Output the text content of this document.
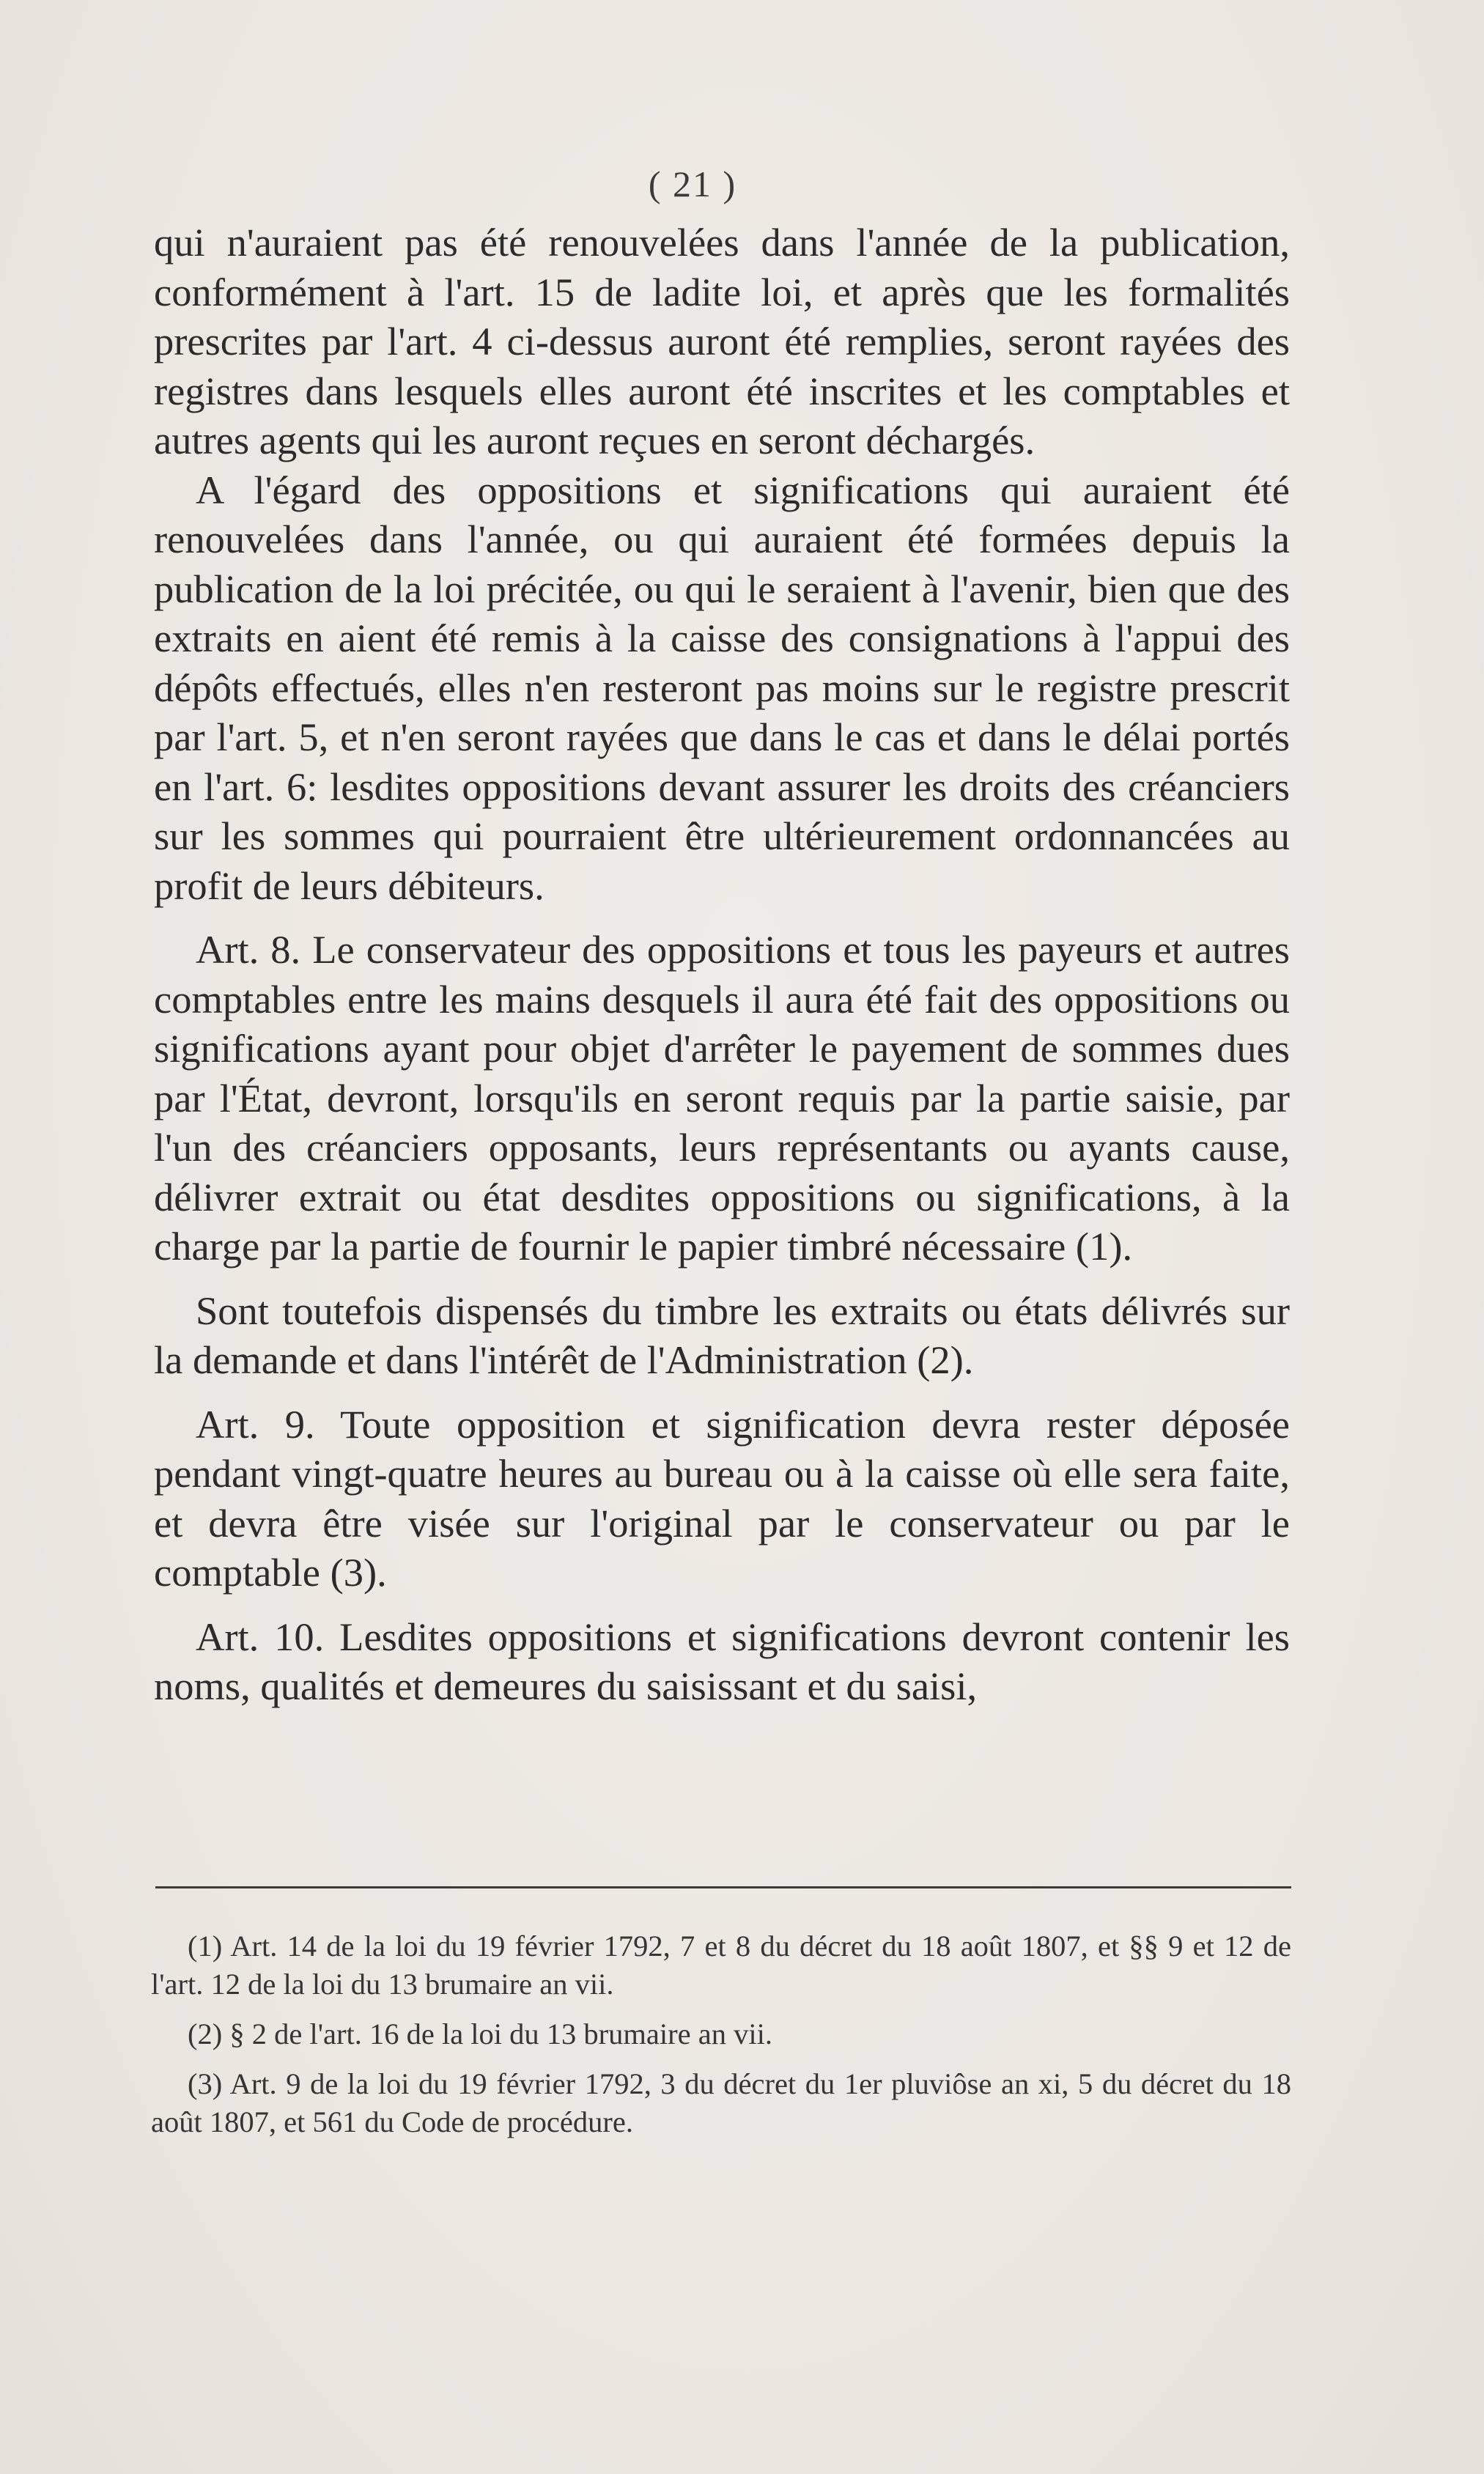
( 21 )

qui n'auraient pas été renouvelées dans l'année de la publication, conformément à l'art. 15 de ladite loi, et après que les formalités prescrites par l'art. 4 ci-dessus auront été remplies, seront rayées des registres dans lesquels elles auront été inscrites et les comptables et autres agents qui les auront reçues en seront déchargés.

A l'égard des oppositions et significations qui auraient été renouvelées dans l'année, ou qui auraient été formées depuis la publication de la loi précitée, ou qui le seraient à l'avenir, bien que des extraits en aient été remis à la caisse des consignations à l'appui des dépôts effectués, elles n'en resteront pas moins sur le registre prescrit par l'art. 5, et n'en seront rayées que dans le cas et dans le délai portés en l'art. 6: lesdites oppositions devant assurer les droits des créanciers sur les sommes qui pourraient être ultérieurement ordonnancées au profit de leurs débiteurs.

Art. 8. Le conservateur des oppositions et tous les payeurs et autres comptables entre les mains desquels il aura été fait des oppositions ou significations ayant pour objet d'arrêter le payement de sommes dues par l'État, devront, lorsqu'ils en seront requis par la partie saisie, par l'un des créanciers opposants, leurs représentants ou ayants cause, délivrer extrait ou état desdites oppositions ou significations, à la charge par la partie de fournir le papier timbré nécessaire (1).

Sont toutefois dispensés du timbre les extraits ou états délivrés sur la demande et dans l'intérêt de l'Administration (2).

Art. 9. Toute opposition et signification devra rester déposée pendant vingt-quatre heures au bureau ou à la caisse où elle sera faite, et devra être visée sur l'original par le conservateur ou par le comptable (3).

Art. 10. Lesdites oppositions et significations devront contenir les noms, qualités et demeures du saisissant et du saisi,

(1) Art. 14 de la loi du 19 février 1792, 7 et 8 du décret du 18 août 1807, et §§ 9 et 12 de l'art. 12 de la loi du 13 brumaire an vii.

(2) § 2 de l'art. 16 de la loi du 13 brumaire an vii.

(3) Art. 9 de la loi du 19 février 1792, 3 du décret du 1er pluviôse an xi, 5 du décret du 18 août 1807, et 561 du Code de procédure.
